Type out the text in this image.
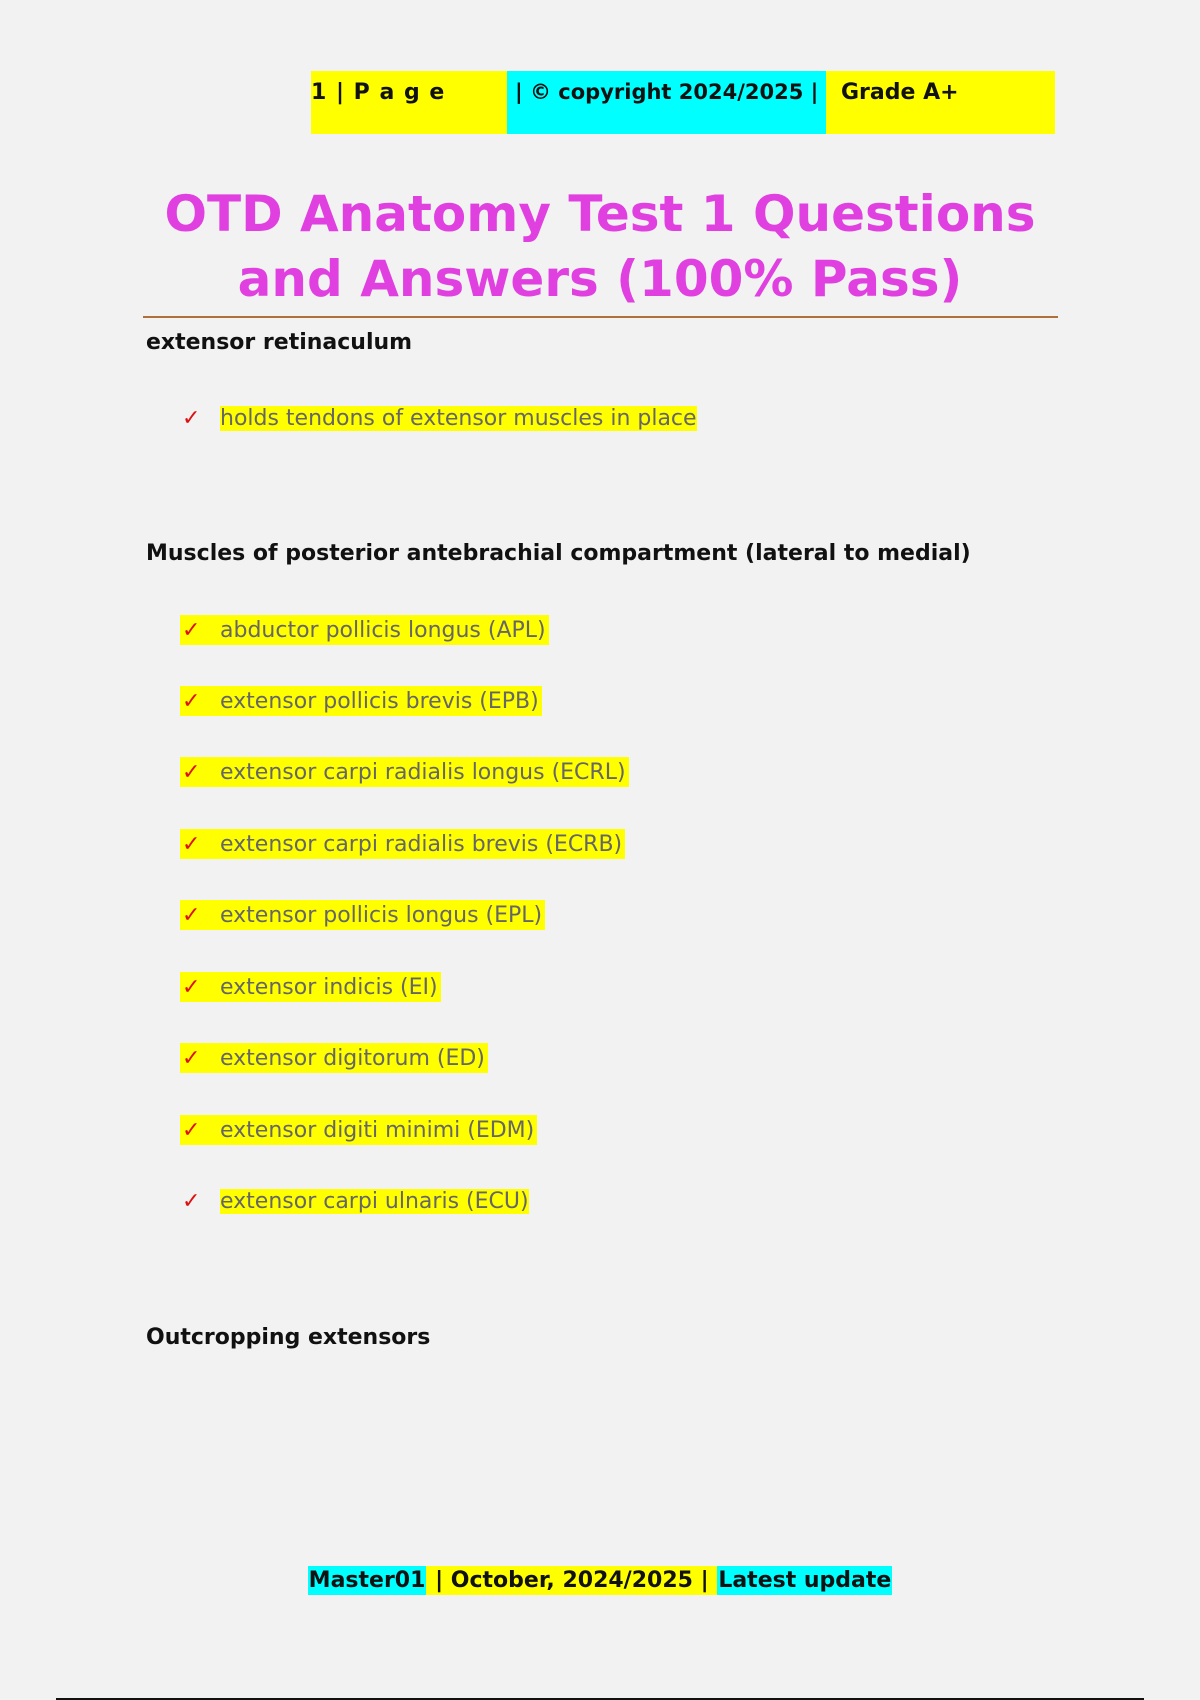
1 | P a g e	| © copyright 2024/2025 |	Grade A+
OTD Anatomy Test 1 Questions and Answers (100% Pass)

extensor retinaculum

✓ holds tendons of extensor muscles in place

Muscles of posterior antebrachial compartment (lateral to medial)

✓ abductor pollicis longus (APL)
✓ extensor pollicis brevis (EPB)
✓ extensor carpi radialis longus (ECRL)
✓ extensor carpi radialis brevis (ECRB)
✓ extensor pollicis longus (EPL)
✓ extensor indicis (EI)
✓ extensor digitorum (ED)
✓ extensor digiti minimi (EDM)
✓ extensor carpi ulnaris (ECU)

Outcropping extensors

Master01 | October, 2024/2025 | Latest update
